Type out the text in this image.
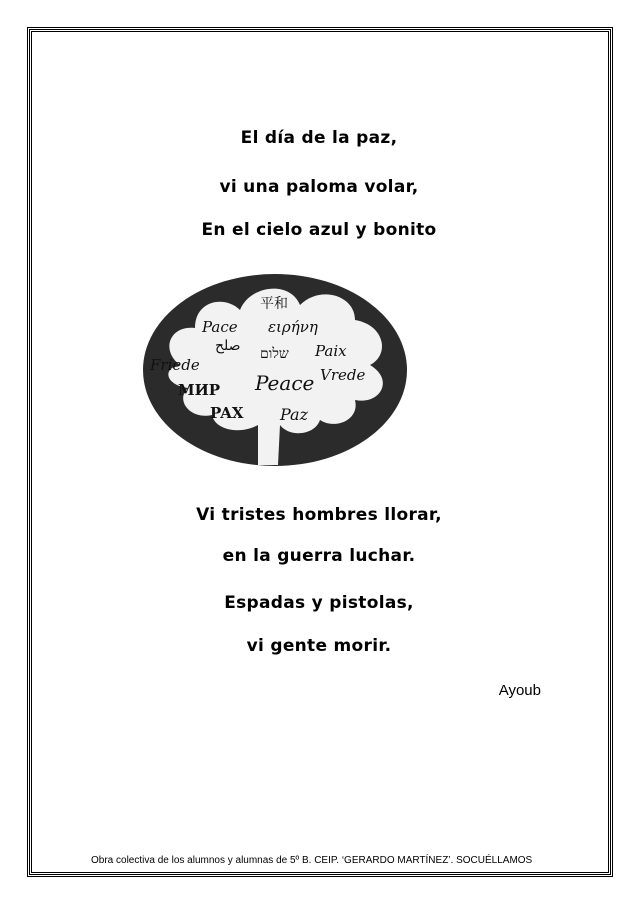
El día de la paz,
vi una paloma volar,
En el cielo azul y bonito
平和
Pace ειρήνη
صلح שלום Paix
Friede
Vrede
МИР Peace
PAX Paz
Vi tristes hombres llorar,
en la guerra luchar.
Espadas y pistolas,
vi gente morir.
Ayoub
Obra colectiva de los alumnos y alumnas de 5º B. CEIP. ‘GERARDO MARTÍNEZ’. SOCUÉLLAMOS
